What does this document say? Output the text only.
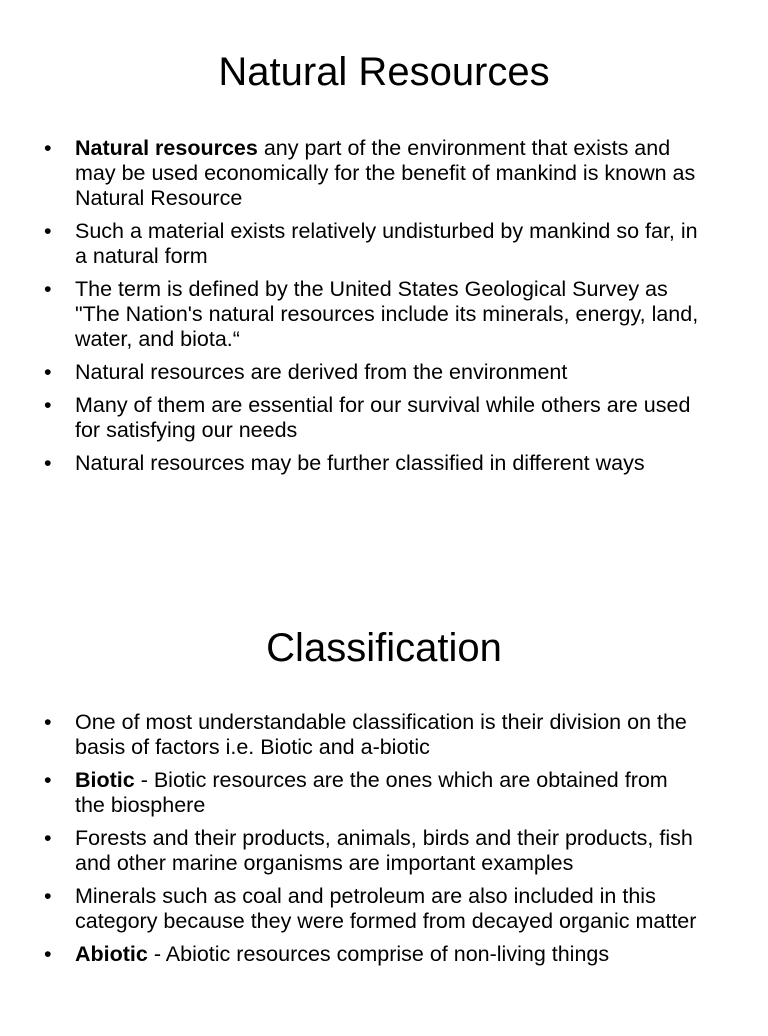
Natural Resources
•	Natural resources any part of the environment that exists and may be used economically for the benefit of mankind is known as Natural Resource
•	Such a material exists relatively undisturbed by mankind so far, in a natural form
•	The term is defined by the United States Geological Survey as "The Nation's natural resources include its minerals, energy, land, water, and biota.“
•	Natural resources are derived from the environment
•	Many of them are essential for our survival while others are used for satisfying our needs
•	Natural resources may be further classified in different ways
Classification
•	One of most understandable classification is their division on the basis of factors i.e. Biotic and a-biotic
•	Biotic - Biotic resources are the ones which are obtained from the biosphere
•	Forests and their products, animals, birds and their products, fish and other marine organisms are important examples
•	Minerals such as coal and petroleum are also included in this category because they were formed from decayed organic matter
•	Abiotic - Abiotic resources comprise of non-living things
